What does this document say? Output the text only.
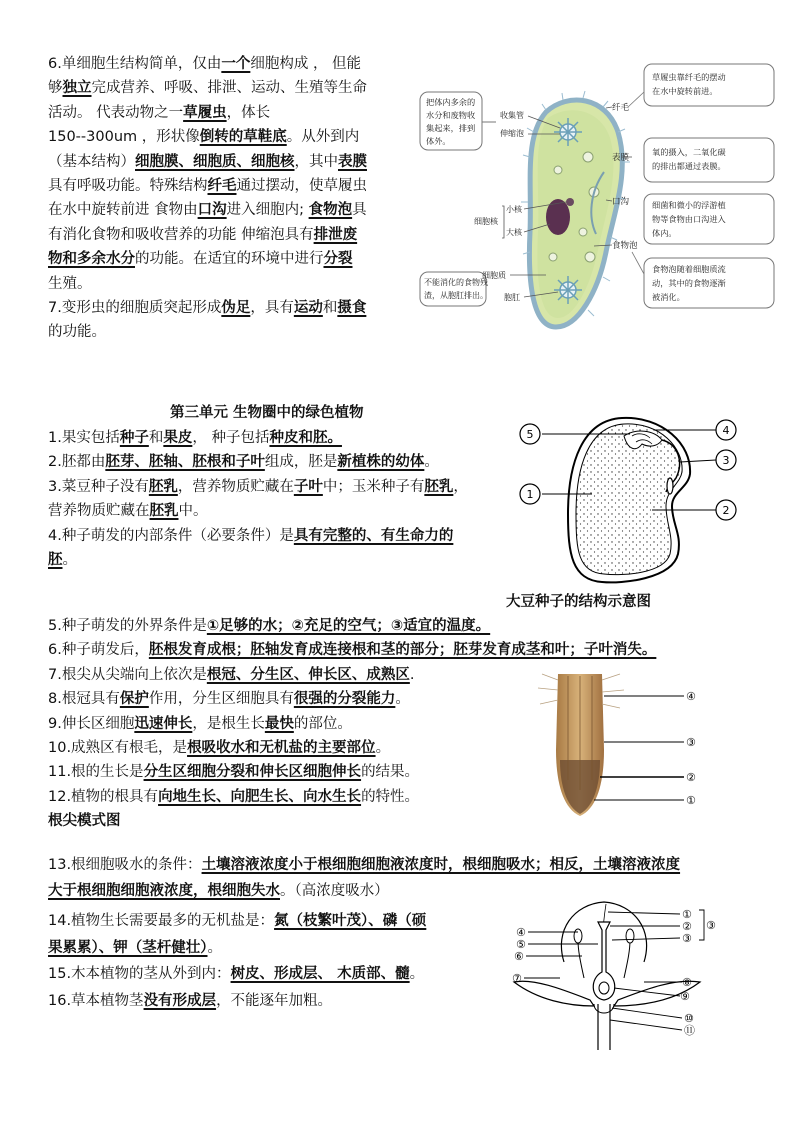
6.单细胞生结构简单，仅由一个细胞构成 ， 但能

够独立完成营养、呼吸、排泄、运动、生殖等生命

活动。 代表动物之一草履虫，体长

150--300um ，形状像倒转的草鞋底。从外到内

（基本结构）细胞膜、细胞质、细胞核，其中表膜

具有呼吸功能。特殊结构纤毛通过摆动，使草履虫

在水中旋转前进 食物由口沟进入细胞内; 食物泡具

有消化食物和吸收营养的功能 伸缩泡具有排泄废

物和多余水分的功能。在适宜的环境中进行分裂

生殖。

7.变形虫的细胞质突起形成伪足，具有运动和摄食

的功能。

把体内多余的
水分和废物收
集起来，排到
体外。
不能消化的食物残
渣，从胞肛排出。
收集管
伸缩泡
小核
大核
细胞核
细胞质
胞肛
纤毛
表膜
口沟
食物泡
草履虫靠纤毛的摆动
在水中旋转前进。
氧的摄入，二氧化碳
的排出都通过表膜。
细菌和微小的浮游植
物等食物由口沟进入
体内。
食物泡随着细胞质流
动，其中的食物逐渐
被消化。
第三单元 生物圈中的绿色植物

1.果实包括种子和果皮， 种子包括种皮和胚。

2.胚都由胚芽、胚轴、胚根和子叶组成，胚是新植株的幼体。

3.菜豆种子没有胚乳，营养物质贮藏在子叶中；玉米种子有胚乳，

营养物质贮藏在胚乳中。

4.种子萌发的内部条件（必要条件）是具有完整的、有生命力的

胚。

5	4
3
1
2
大豆种子的结构示意图

5.种子萌发的外界条件是①足够的水；②充足的空气；③适宜的温度。

6.种子萌发后，胚根发育成根；胚轴发育成连接根和茎的部分；胚芽发育成茎和叶；子叶消失。

7.根尖从尖端向上依次是根冠、分生区、伸长区、成熟区.

8.根冠具有保护作用，分生区细胞具有很强的分裂能力。

9.伸长区细胞迅速伸长，是根生长最快的部位。

10.成熟区有根毛，是根吸收水和无机盐的主要部位。

11.根的生长是分生区细胞分裂和伸长区细胞伸长的结果。

12.植物的根具有向地生长、向肥生长、向水生长的特性。

根尖模式图

④
③
②
①

13.根细胞吸水的条件：土壤溶液浓度小于根细胞细胞液浓度时，根细胞吸水；相反，土壤溶液浓度

大于根细胞细胞液浓度，根细胞失水。（高浓度吸水）

14.植物生长需要最多的无机盐是：氮（枝繁叶茂）、磷（硕

果累累）、钾（茎杆健壮）。

15.木本植物的茎从外到内：树皮、形成层、 木质部、髓。

16.草本植物茎没有形成层，不能逐年加粗。

①
② ③
③
④
⑤
⑥
⑦	⑧
⑨
⑩
⑪
